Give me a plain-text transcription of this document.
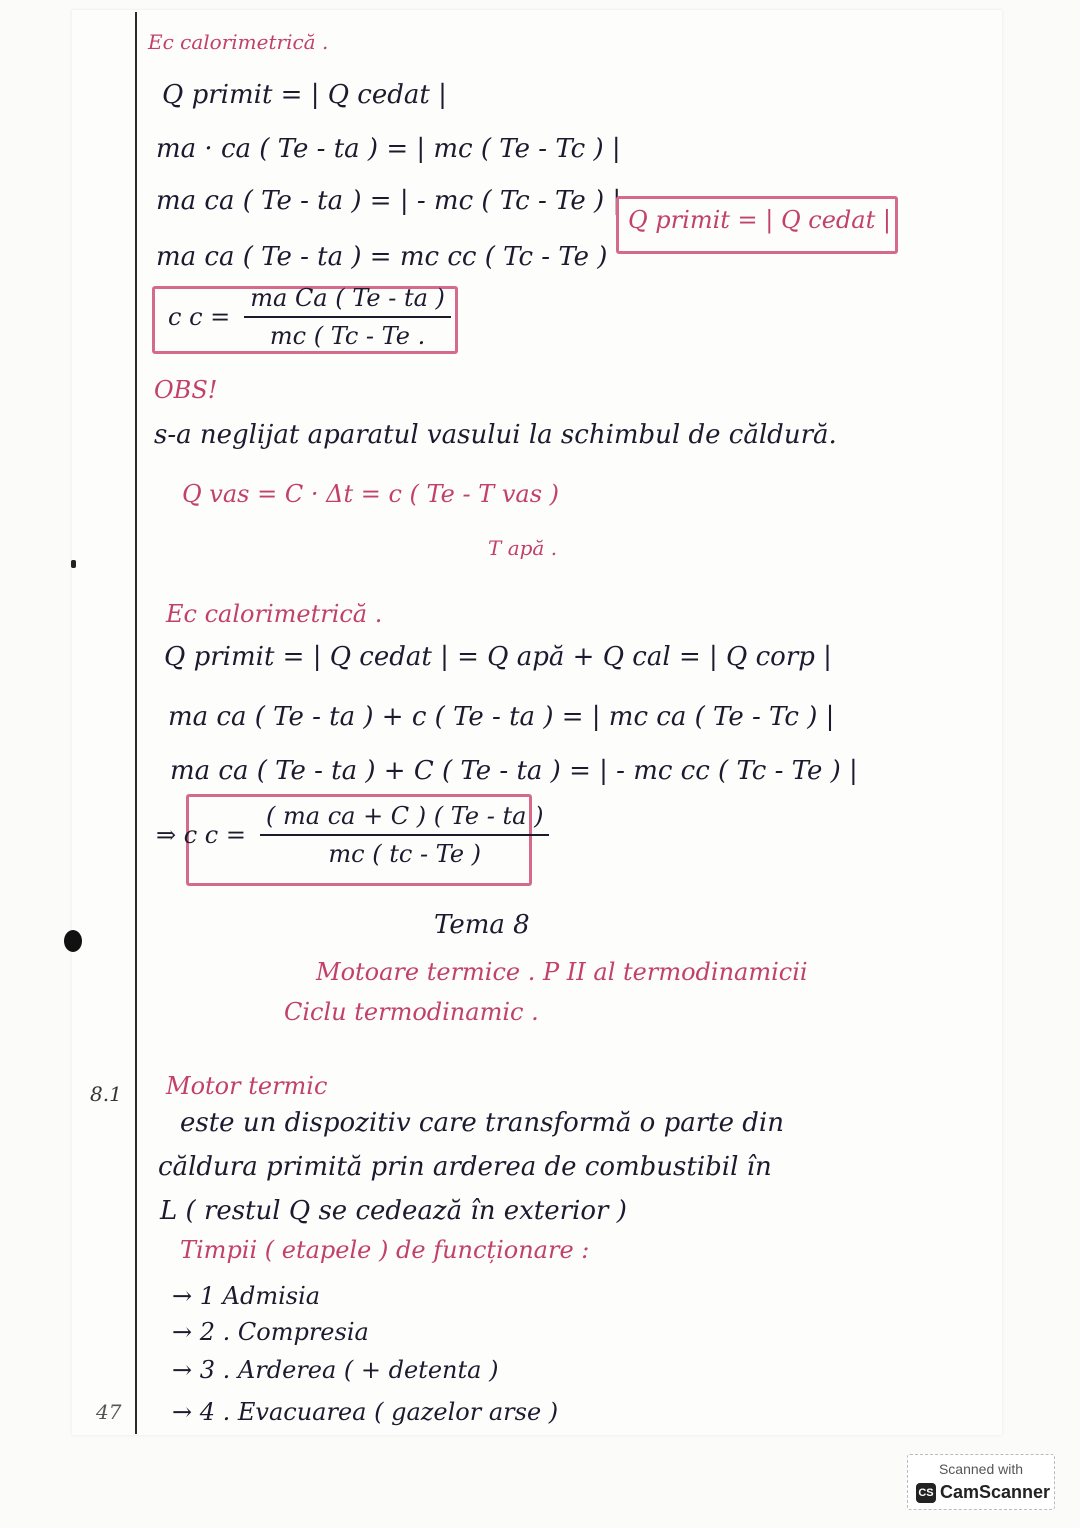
Ec calorimetrică .
Q primit = | Q cedat |
ma · ca ( Te - ta ) = | mc ( Te - Tc ) |
ma ca ( Te - ta ) = | - mc ( Tc - Te ) |
ma ca ( Te - ta ) = mc cc ( Tc - Te )
Q primit = | Q cedat |
c $c = \frac{\text{ma Ca ( Te - ta )}}{mc ( Tc - Te .}$
OBS!
s-a neglijat aparatul vasului la schimbul de căldură.
Q vas = C · Δt = c ( Te - T vas )
T apă .
Ec calorimetrică .
Q primit = | Q cedat | = Q apă + Q cal = | Q corp |
ma ca ( Te - ta ) + c ( Te - ta ) = | mc ca ( Te - Tc ) |
ma ca ( Te - ta ) + C ( Te - ta ) = | - mc cc ( Tc - Te ) |
⇒ c $c = \frac{\text{( ma ca + C ) ( Te - ta )}}{mc ( tc - Te )}$
Tema 8
Motoare termice . P II al termodinamicii
Ciclu termodinamic .
8.1 Motor termic
este un dispozitiv care transformă o parte din
căldura primită prin arderea de combustibil în
L ( restul Q se cedează în exterior )
Timpii ( etapele ) de funcționare :
→ 1 Admisia
→ 2 . Compresia
→ 3 . Arderea ( + detenta )
→ 4 . Evacuarea ( gazelor arse )
47
Scanned with
CS CamScanner
